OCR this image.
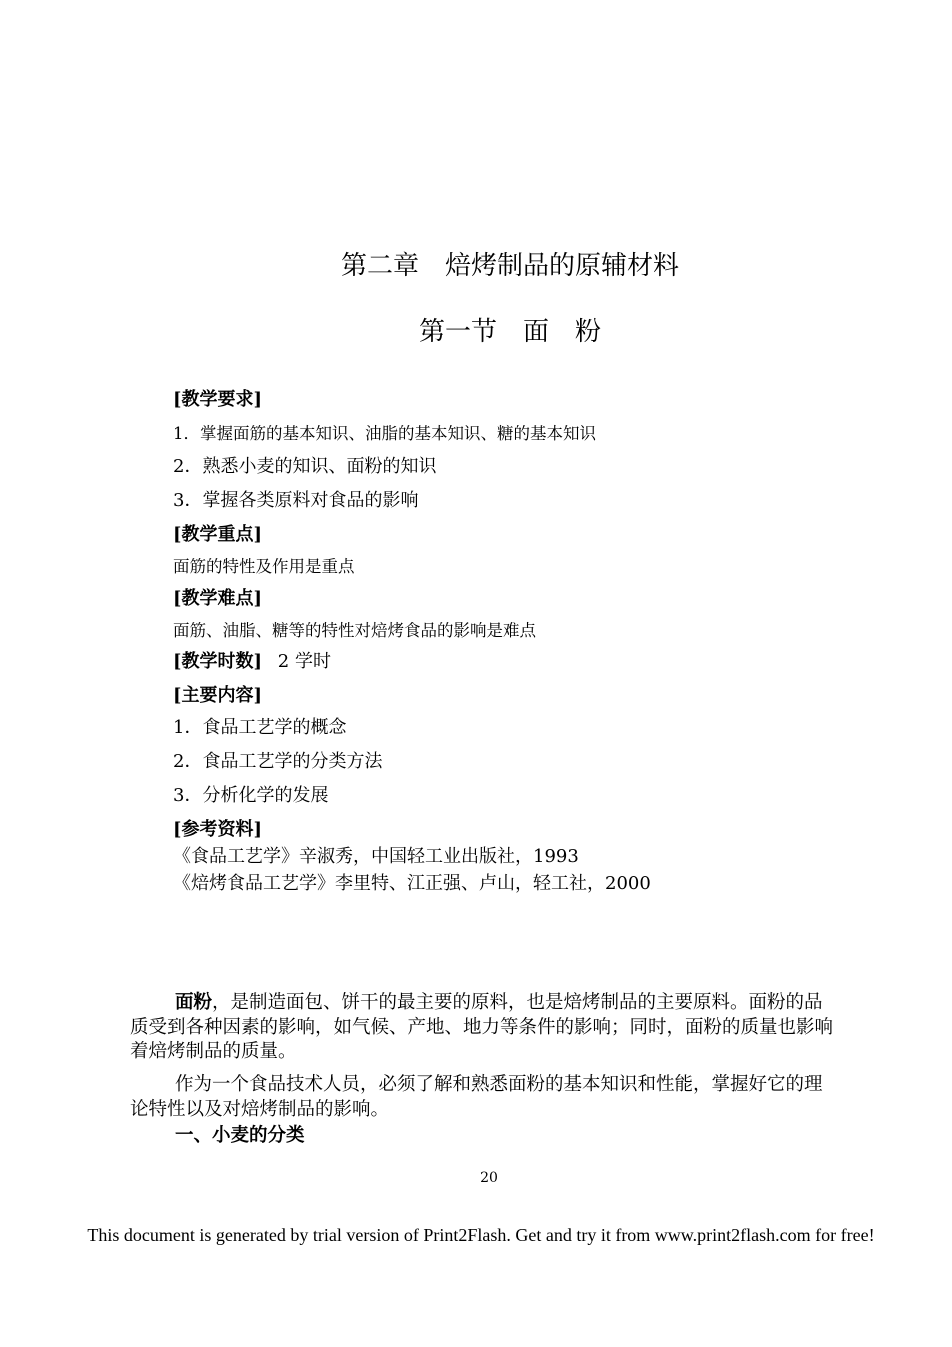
第二章　焙烤制品的原辅材料
第一节　面　粉
[教学要求]
1．掌握面筋的基本知识、油脂的基本知识、糖的基本知识
2．熟悉小麦的知识、面粉的知识
3．掌握各类原料对食品的影响
[教学重点]
面筋的特性及作用是重点
[教学难点]
面筋、油脂、糖等的特性对焙烤食品的影响是难点
[教学时数] 2 学时
[主要内容]
1．食品工艺学的概念
2．食品工艺学的分类方法
3．分析化学的发展
[参考资料]
《食品工艺学》辛淑秀，中国轻工业出版社，1993
《焙烤食品工艺学》李里特、江正强、卢山，轻工社，2000
面粉，是制造面包、饼干的最主要的原料，也是焙烤制品的主要原料。面粉的品质受到各种因素的影响，如气候、产地、地力等条件的影响；同时，面粉的质量也影响着焙烤制品的质量。
作为一个食品技术人员，必须了解和熟悉面粉的基本知识和性能，掌握好它的理论特性以及对焙烤制品的影响。
一、小麦的分类
20
This document is generated by trial version of Print2Flash. Get and try it from www.print2flash.com for free!
